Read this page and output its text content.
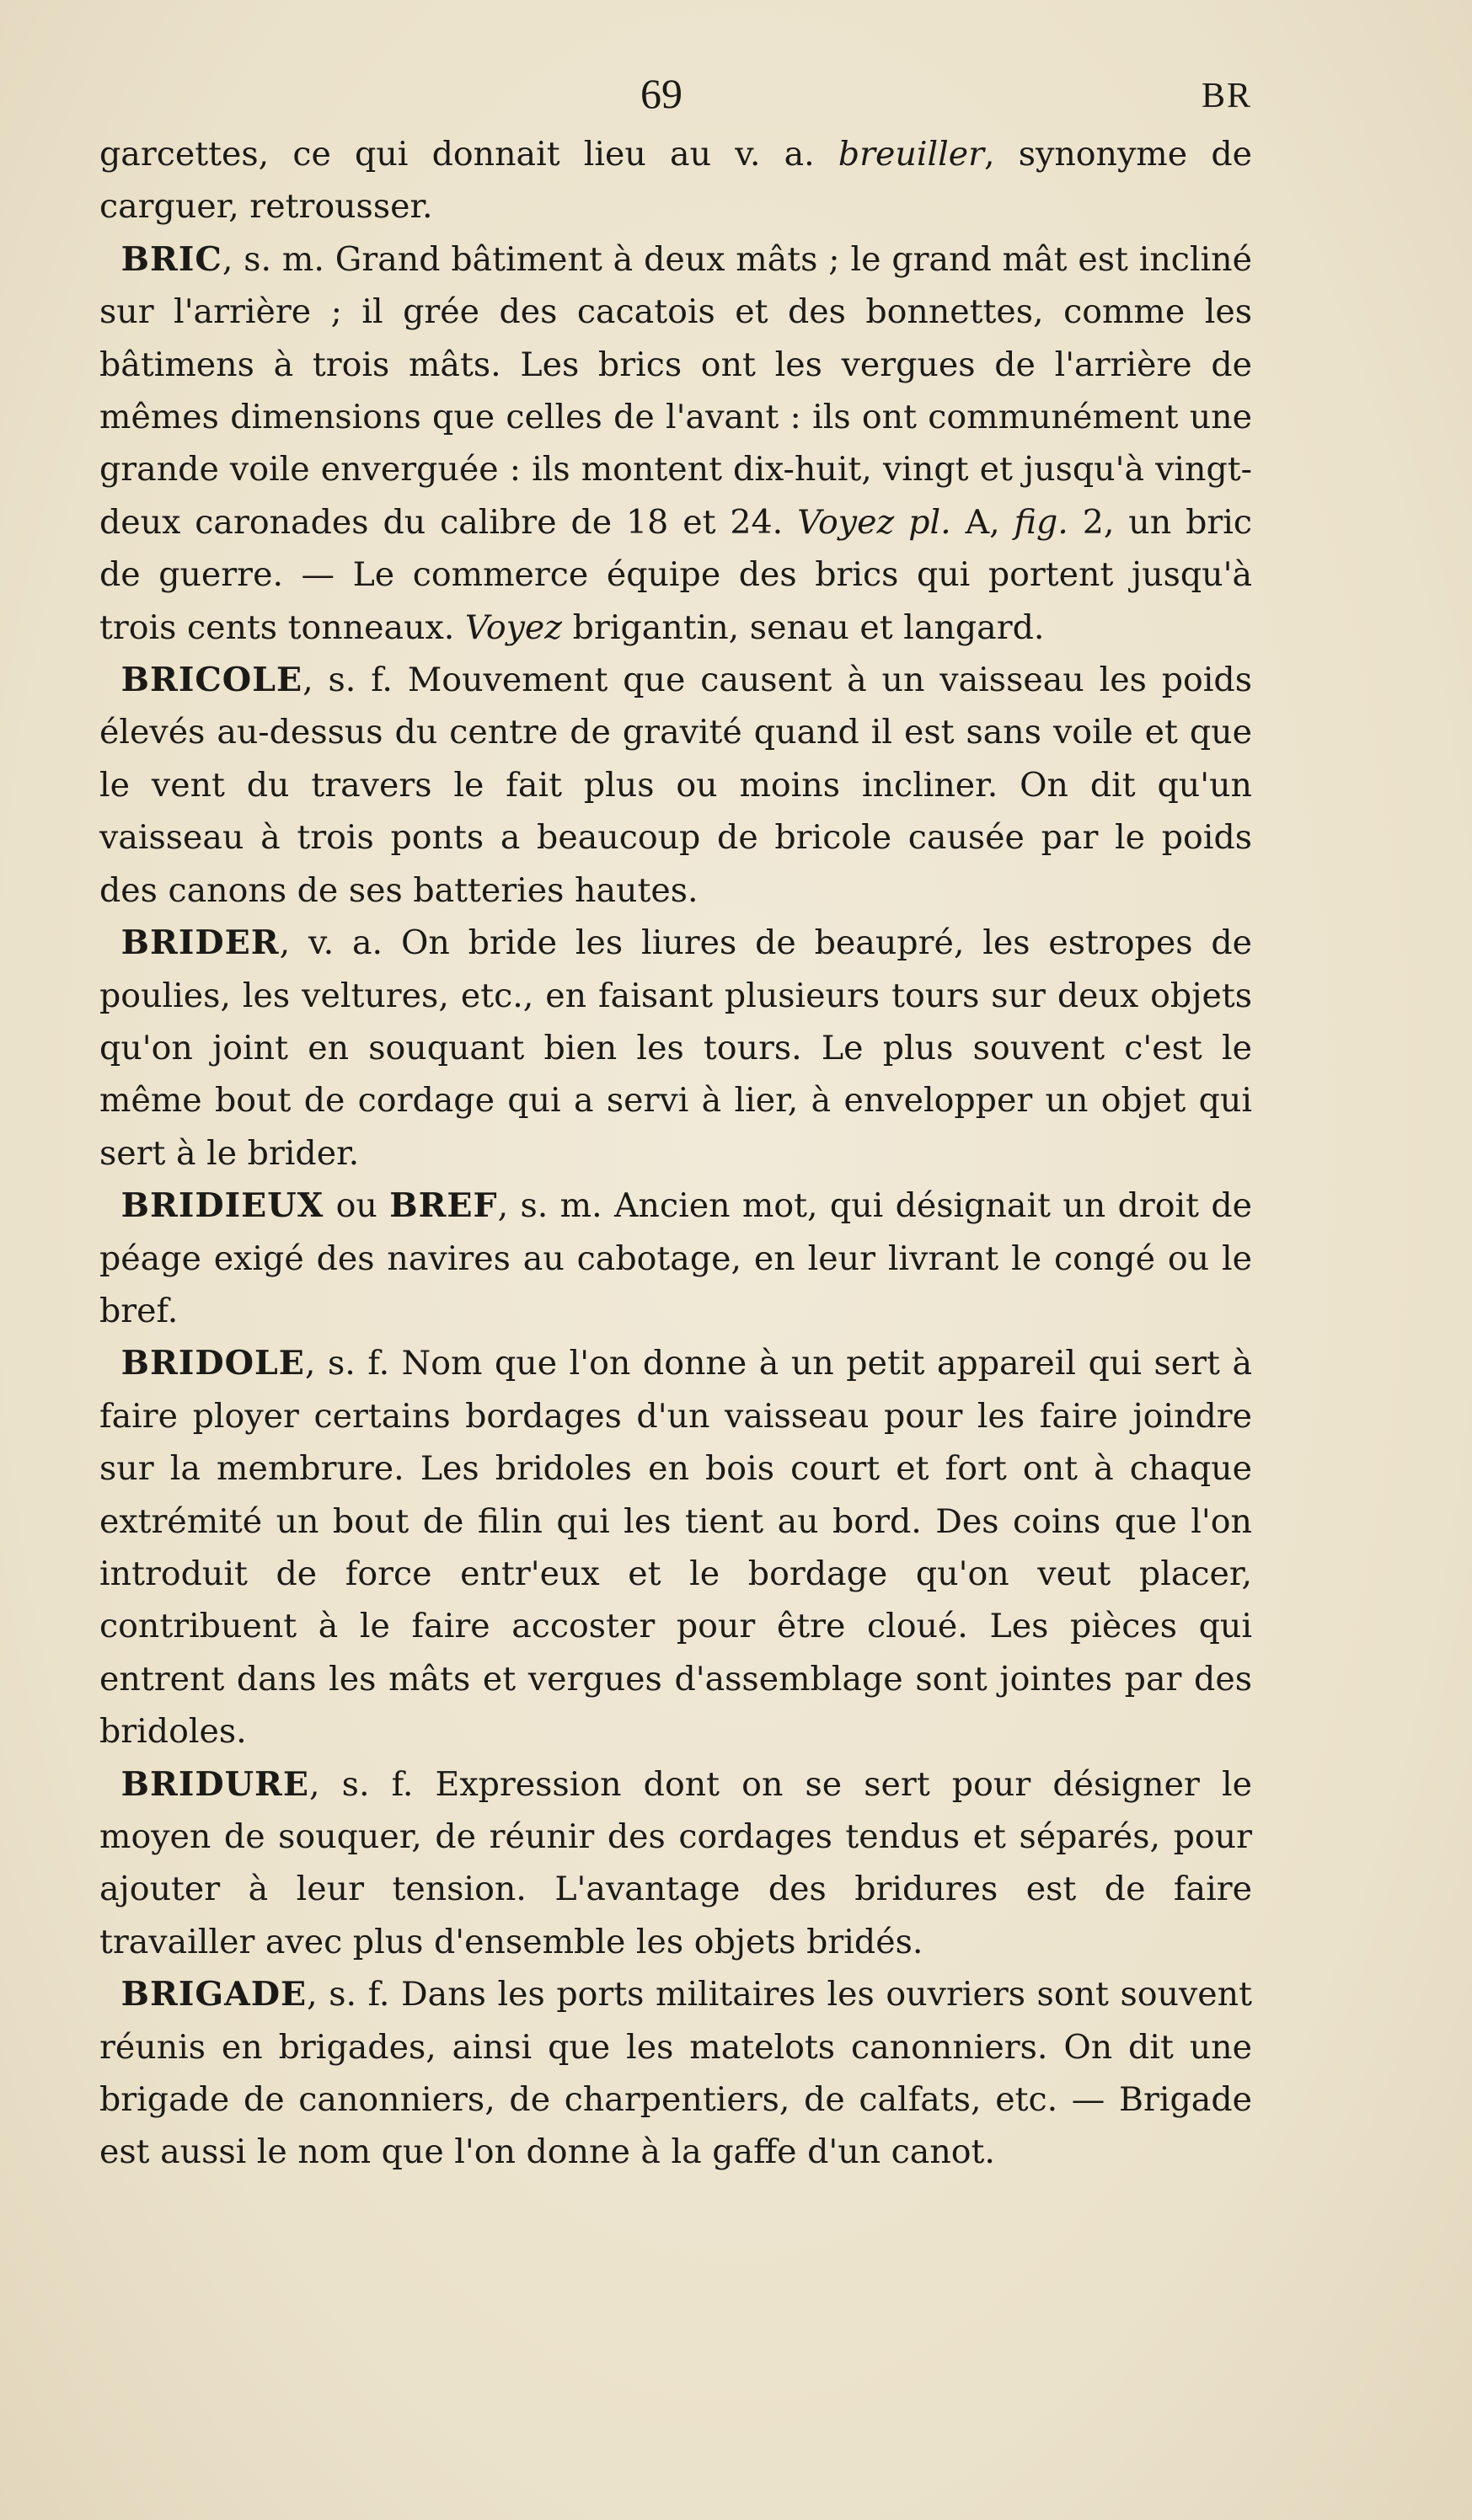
69	BR

garcettes, ce qui donnait lieu au v. a. breuiller, synonyme de carguer, retrousser.

BRIC, s. m. Grand bâtiment à deux mâts ; le grand mât est incliné sur l'arrière ; il grée des cacatois et des bonnettes, comme les bâtimens à trois mâts. Les brics ont les vergues de l'arrière de mêmes dimensions que celles de l'avant : ils ont communément une grande voile enverguée : ils montent dix-huit, vingt et jusqu'à vingt-deux caronades du calibre de 18 et 24. Voyez pl. A, fig. 2, un bric de guerre. — Le commerce équipe des brics qui portent jusqu'à trois cents tonneaux. Voyez brigantin, senau et langard.

BRICOLE, s. f. Mouvement que causent à un vaisseau les poids élevés au-dessus du centre de gravité quand il est sans voile et que le vent du travers le fait plus ou moins incliner. On dit qu'un vaisseau à trois ponts a beaucoup de bricole causée par le poids des canons de ses batteries hautes.

BRIDER, v. a. On bride les liures de beaupré, les estropes de poulies, les veltures, etc., en faisant plusieurs tours sur deux objets qu'on joint en souquant bien les tours. Le plus souvent c'est le même bout de cordage qui a servi à lier, à envelopper un objet qui sert à le brider.

BRIDIEUX ou BREF, s. m. Ancien mot, qui désignait un droit de péage exigé des navires au cabotage, en leur livrant le congé ou le bref.

BRIDOLE, s. f. Nom que l'on donne à un petit appareil qui sert à faire ployer certains bordages d'un vaisseau pour les faire joindre sur la membrure. Les bridoles en bois court et fort ont à chaque extrémité un bout de filin qui les tient au bord. Des coins que l'on introduit de force entr'eux et le bordage qu'on veut placer, contribuent à le faire accoster pour être cloué. Les pièces qui entrent dans les mâts et vergues d'assemblage sont jointes par des bridoles.

BRIDURE, s. f. Expression dont on se sert pour désigner le moyen de souquer, de réunir des cordages tendus et séparés, pour ajouter à leur tension. L'avantage des bridures est de faire travailler avec plus d'ensemble les objets bridés.

BRIGADE, s. f. Dans les ports militaires les ouvriers sont souvent réunis en brigades, ainsi que les matelots canonniers. On dit une brigade de canonniers, de charpentiers, de calfats, etc. — Brigade est aussi le nom que l'on donne à la gaffe d'un canot.
